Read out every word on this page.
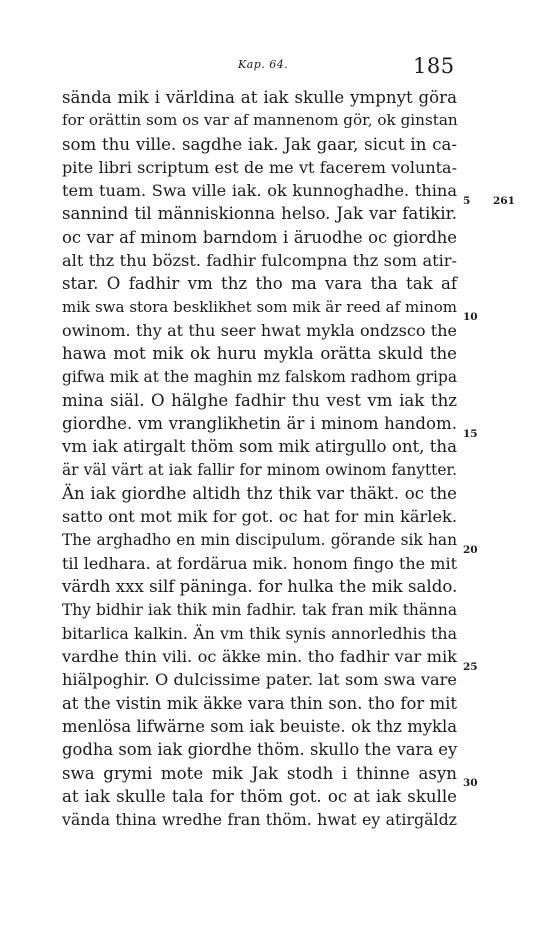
Kap. 64.	185
sända mik i världina at iak skulle ympnyt göra
for orättin som os var af mannenom gör, ok ginstan
som thu ville. sagdhe iak. Jak gaar, sicut in ca-
pite libri scriptum est de me vt facerem volunta-
tem tuam. Swa ville iak. ok kunnoghadhe. thina
sannind til människionna helso. Jak var fatikir.
oc var af minom barndom i äruodhe oc giordhe
alt thz thu bözst. fadhir fulcompna thz som atir-
star. O fadhir vm thz tho ma vara tha tak af
mik swa stora besklikhet som mik är reed af minom
owinom. thy at thu seer hwat mykla ondzsco the
hawa mot mik ok huru mykla orätta skuld the
gifwa mik at the maghin mz falskom radhom gripa
mina siäl. O hälghe fadhir thu vest vm iak thz
giordhe. vm vranglikhetin är i minom handom.
vm iak atirgalt thöm som mik atirgullo ont, tha
är väl värt at iak fallir for minom owinom fanytter.
Än iak giordhe altidh thz thik var thäkt. oc the
satto ont mot mik for got. oc hat for min kärlek.
The arghadho en min discipulum. görande sik han
til ledhara. at fordärua mik. honom fingo the mit
värdh xxx silf päninga. for hulka the mik saldo.
Thy bidhir iak thik min fadhir. tak fran mik thänna
bitarlica kalkin. Än vm thik synis annorledhis tha
vardhe thin vili. oc äkke min. tho fadhir var mik
hiälpoghir. O dulcissime pater. lat som swa vare
at the vistin mik äkke vara thin son. tho for mit
menlösa lifwärne som iak beuiste. ok thz mykla
godha som iak giordhe thöm. skullo the vara ey
swa grymi mote mik Jak stodh i thinne asyn
at iak skulle tala for thöm got. oc at iak skulle
vända thina wredhe fran thöm. hwat ey atirgäldz
5 261
10
15
20
25
30
